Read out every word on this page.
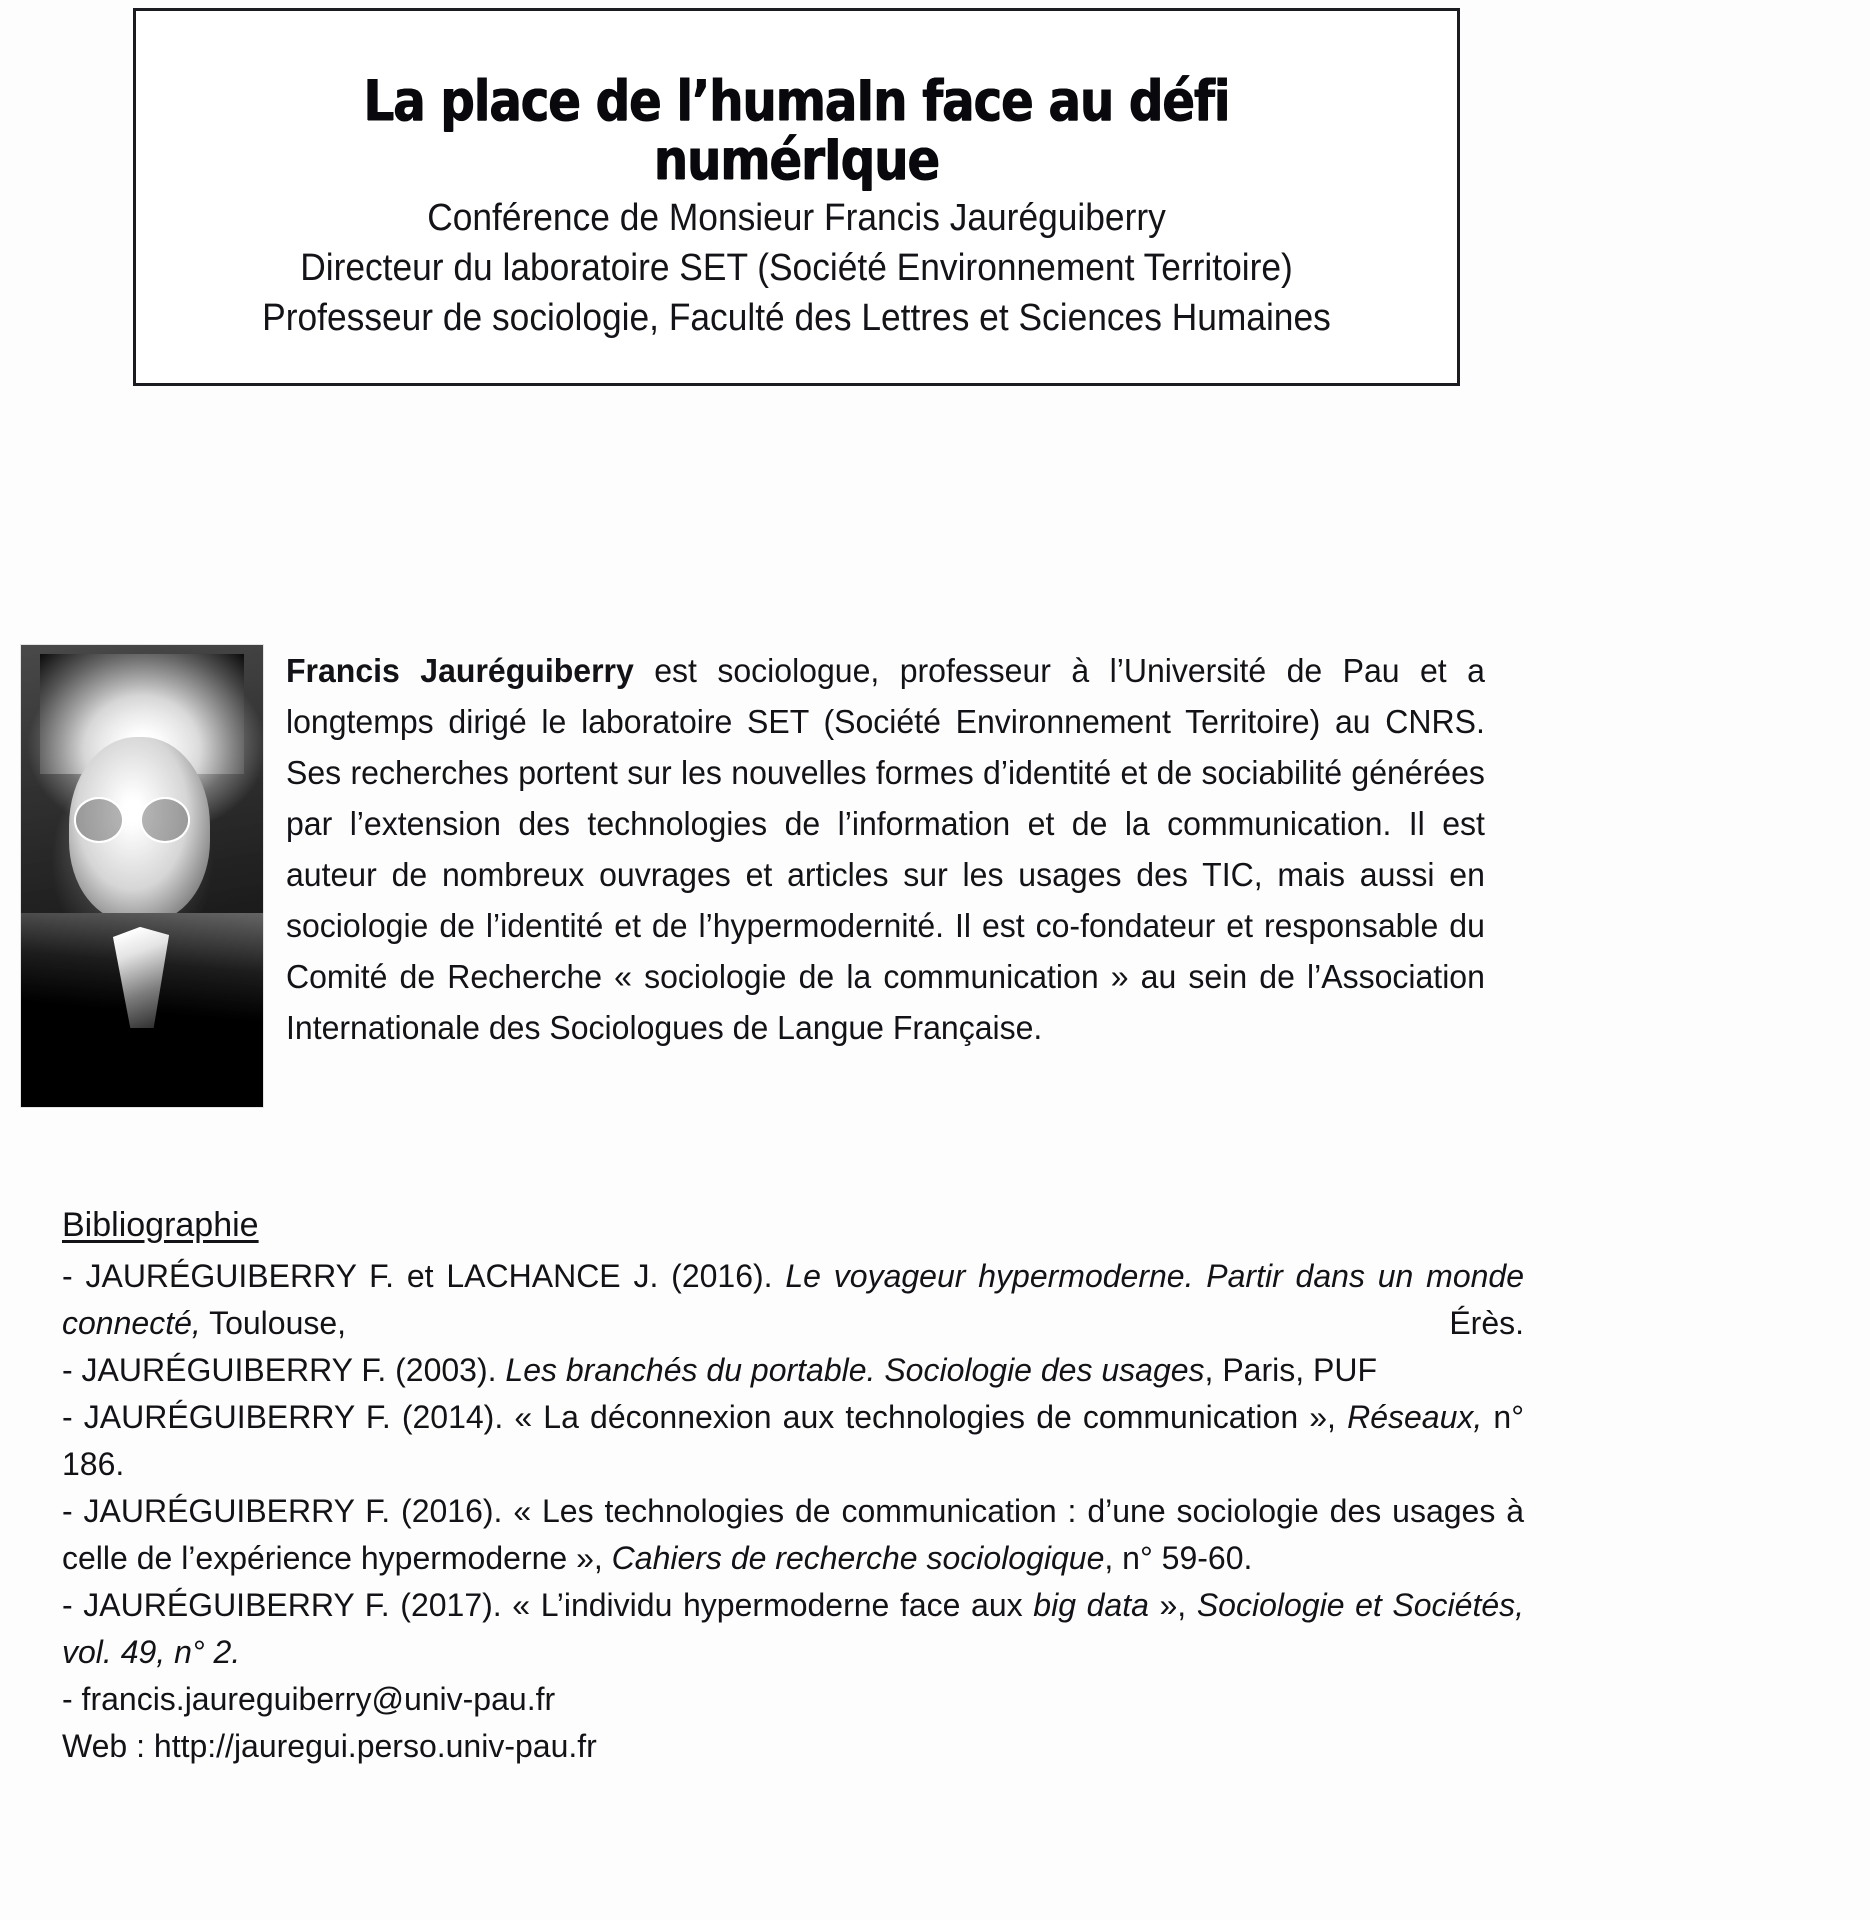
La place de l’humaIn face au défi numérIque
Conférence de Monsieur Francis Jauréguiberry
Directeur du laboratoire SET (Société Environnement Territoire)
Professeur de sociologie, Faculté des Lettres et Sciences Humaines

Francis Jauréguiberry est sociologue, professeur à l’Université de Pau et a longtemps dirigé le laboratoire SET (Société Environnement Territoire) au CNRS. Ses recherches portent sur les nouvelles formes d’identité et de sociabilité générées par l’extension des technologies de l’information et de la communication. Il est auteur de nombreux ouvrages et articles sur les usages des TIC, mais aussi en sociologie de l’identité et de l’hypermodernité. Il est co-fondateur et responsable du Comité de Recherche « sociologie de la communication » au sein de l’Association Internationale des Sociologues de Langue Française.

Bibliographie
- JAURÉGUIBERRY F. et LACHANCE J. (2016). Le voyageur hypermoderne. Partir dans un monde connecté, Toulouse,	Érès.
- JAURÉGUIBERRY F. (2003). Les branchés du portable. Sociologie des usages, Paris, PUF
- JAURÉGUIBERRY F. (2014). « La déconnexion aux technologies de communication », Réseaux, n° 186.
- JAURÉGUIBERRY F. (2016). « Les technologies de communication : d’une sociologie des usages à celle de l’expérience hypermoderne », Cahiers de recherche sociologique, n° 59-60.
- JAURÉGUIBERRY F. (2017). « L’individu hypermoderne face aux big data », Sociologie et Sociétés, vol. 49, n° 2.
- francis.jaureguiberry@univ-pau.fr
Web : http://jauregui.perso.univ-pau.fr
